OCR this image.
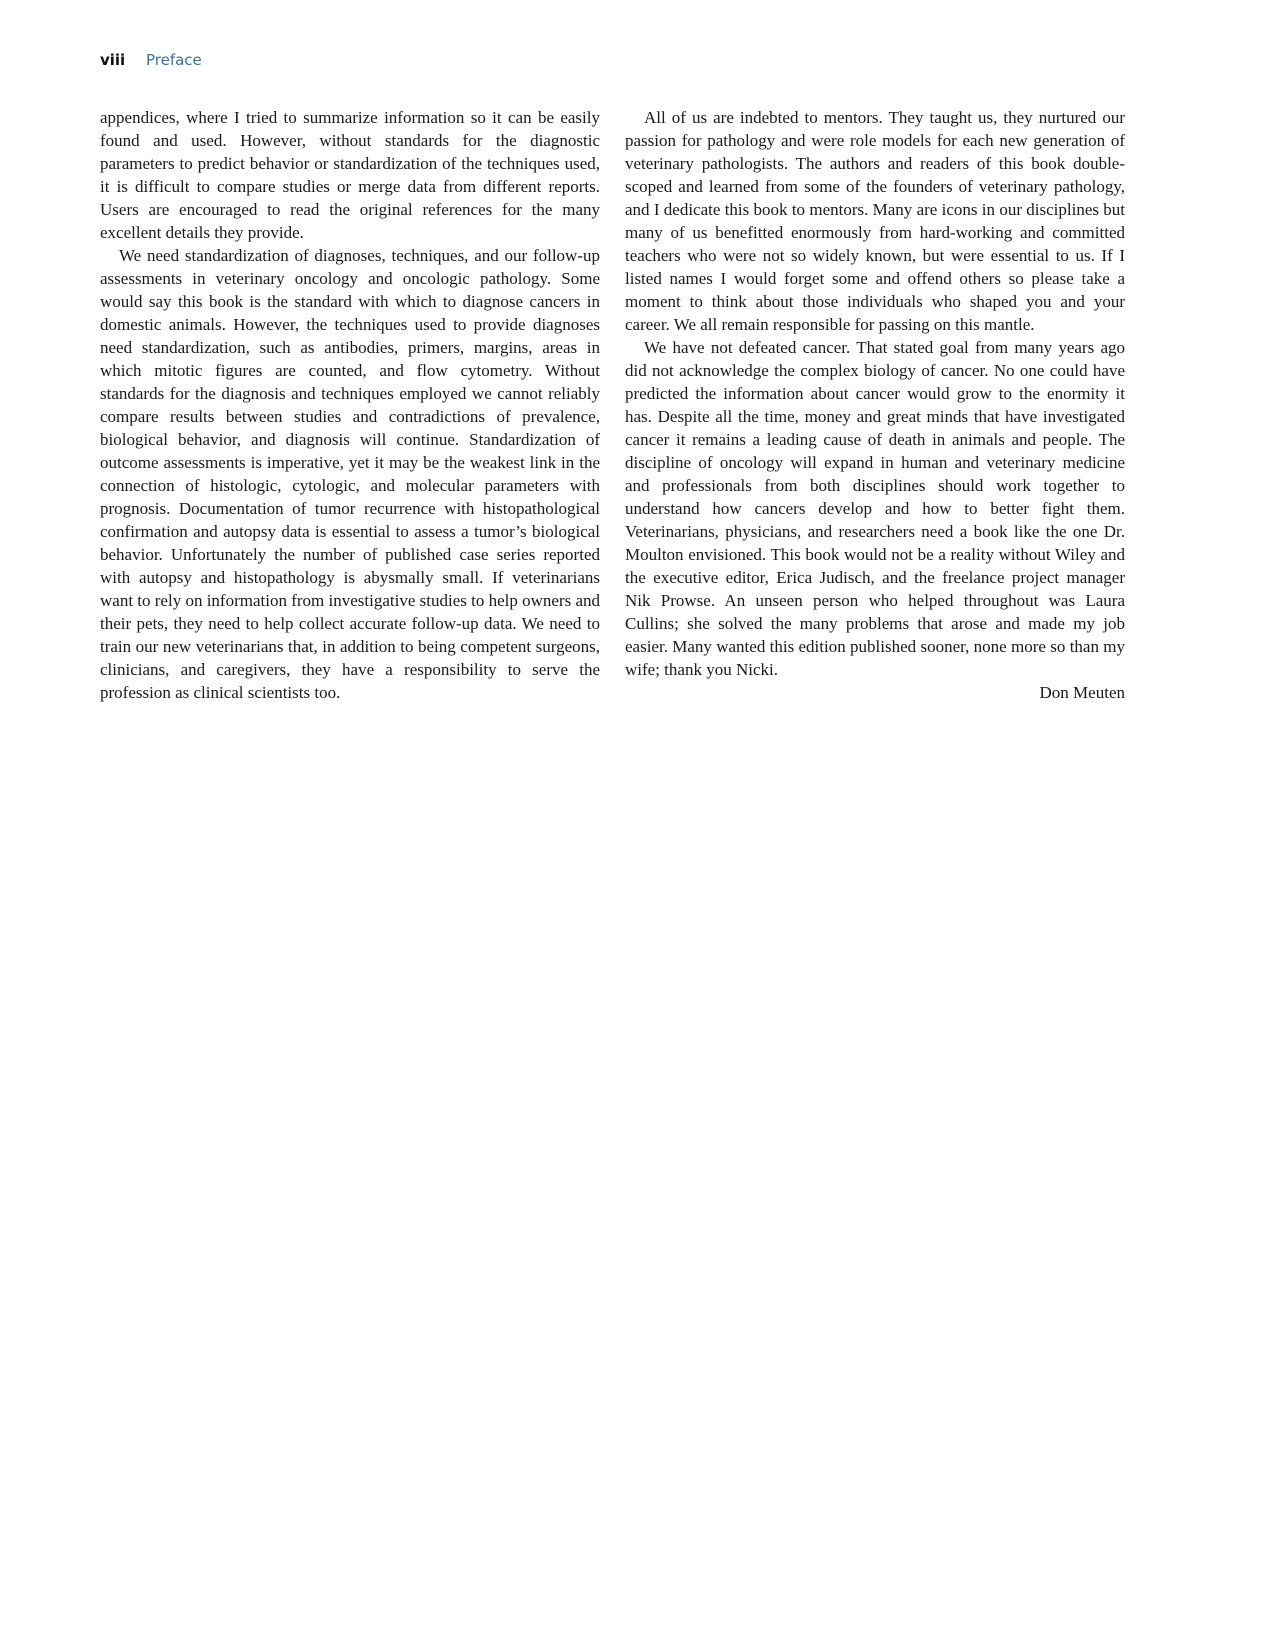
viii Preface

appendices, where I tried to summarize information so it can be easily found and used. However, without standards for the diagnostic parameters to predict behavior or standardization of the techniques used, it is difficult to compare studies or merge data from different reports. Users are encouraged to read the original references for the many excellent details they provide.

We need standardization of diagnoses, techniques, and our follow-up assessments in veterinary oncology and oncologic pathology. Some would say this book is the standard with which to diagnose cancers in domestic animals. However, the techniques used to provide diagnoses need standardization, such as antibodies, primers, margins, areas in which mitotic figures are counted, and flow cytometry. Without standards for the diagnosis and techniques employed we cannot reliably compare results between studies and contradictions of prevalence, biological behavior, and diagnosis will continue. Standardization of outcome assessments is imperative, yet it may be the weakest link in the connection of histologic, cytologic, and molecular parameters with prognosis. Documentation of tumor recurrence with histopathological confirmation and autopsy data is essential to assess a tumor’s biological behavior. Unfortunately the number of published case series reported with autopsy and histopathology is abysmally small. If veterinarians want to rely on information from investigative studies to help owners and their pets, they need to help collect accurate follow-up data. We need to train our new veterinarians that, in addition to being competent surgeons, clinicians, and caregivers, they have a responsibility to serve the profession as clinical scientists too.

All of us are indebted to mentors. They taught us, they nurtured our passion for pathology and were role models for each new generation of veterinary pathologists. The authors and readers of this book double-scoped and learned from some of the founders of veterinary pathology, and I dedicate this book to mentors. Many are icons in our disciplines but many of us benefitted enormously from hard-working and committed teachers who were not so widely known, but were essential to us. If I listed names I would forget some and offend others so please take a moment to think about those individuals who shaped you and your career. We all remain responsible for passing on this mantle.

We have not defeated cancer. That stated goal from many years ago did not acknowledge the complex biology of cancer. No one could have predicted the information about cancer would grow to the enormity it has. Despite all the time, money and great minds that have investigated cancer it remains a leading cause of death in animals and people. The discipline of oncology will expand in human and veterinary medicine and professionals from both disciplines should work together to understand how cancers develop and how to better fight them. Veterinarians, physicians, and researchers need a book like the one Dr. Moulton envisioned. This book would not be a reality without Wiley and the executive editor, Erica Judisch, and the freelance project manager Nik Prowse. An unseen person who helped throughout was Laura Cullins; she solved the many problems that arose and made my job easier. Many wanted this edition published sooner, none more so than my wife; thank you Nicki.

Don Meuten
